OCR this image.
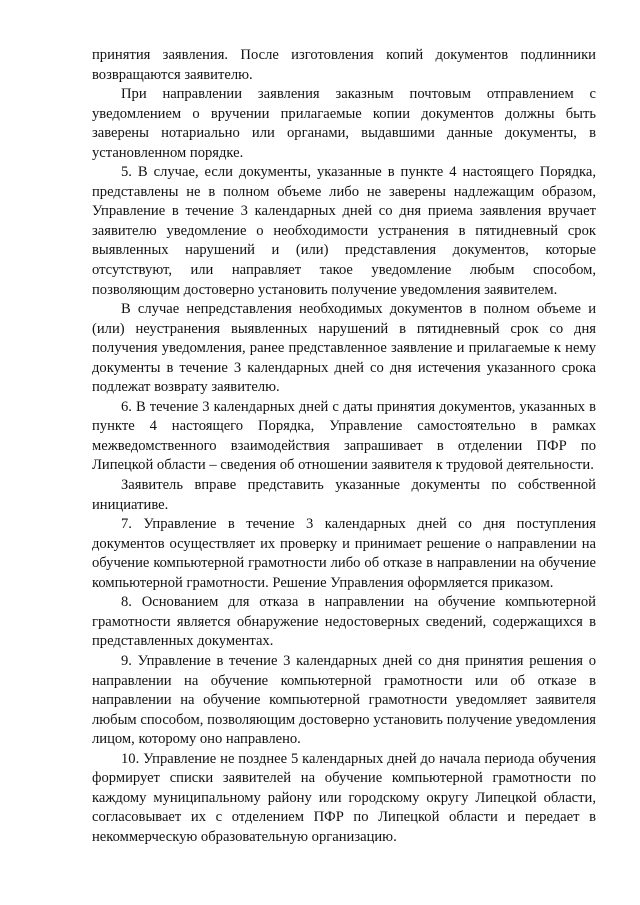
принятия заявления. После изготовления копий документов подлинники возвращаются заявителю.

При направлении заявления заказным почтовым отправлением с уведомлением о вручении прилагаемые копии документов должны быть заверены нотариально или органами, выдавшими данные документы, в установленном порядке.

5. В случае, если документы, указанные в пункте 4 настоящего Порядка, представлены не в полном объеме либо не заверены надлежащим образом, Управление в течение 3 календарных дней со дня приема заявления вручает заявителю уведомление о необходимости устранения в пятидневный срок выявленных нарушений и (или) представления документов, которые отсутствуют, или направляет такое уведомление любым способом, позволяющим достоверно установить получение уведомления заявителем.

В случае непредставления необходимых документов в полном объеме и (или) неустранения выявленных нарушений в пятидневный срок со дня получения уведомления, ранее представленное заявление и прилагаемые к нему документы в течение 3 календарных дней со дня истечения указанного срока подлежат возврату заявителю.

6. В течение 3 календарных дней с даты принятия документов, указанных в пункте 4 настоящего Порядка, Управление самостоятельно в рамках межведомственного взаимодействия запрашивает в отделении ПФР по Липецкой области – сведения об отношении заявителя к трудовой деятельности.

Заявитель вправе представить указанные документы по собственной инициативе.

7. Управление в течение 3 календарных дней со дня поступления документов осуществляет их проверку и принимает решение о направлении на обучение компьютерной грамотности либо об отказе в направлении на обучение компьютерной грамотности. Решение Управления оформляется приказом.

8. Основанием для отказа в направлении на обучение компьютерной грамотности является обнаружение недостоверных сведений, содержащихся в представленных документах.

9. Управление в течение 3 календарных дней со дня принятия решения о направлении на обучение компьютерной грамотности или об отказе в направлении на обучение компьютерной грамотности уведомляет заявителя любым способом, позволяющим достоверно установить получение уведомления лицом, которому оно направлено.

10. Управление не позднее 5 календарных дней до начала периода обучения формирует списки заявителей на обучение компьютерной грамотности по каждому муниципальному району или городскому округу Липецкой области, согласовывает их с отделением ПФР по Липецкой области и передает в некоммерческую образовательную организацию.
